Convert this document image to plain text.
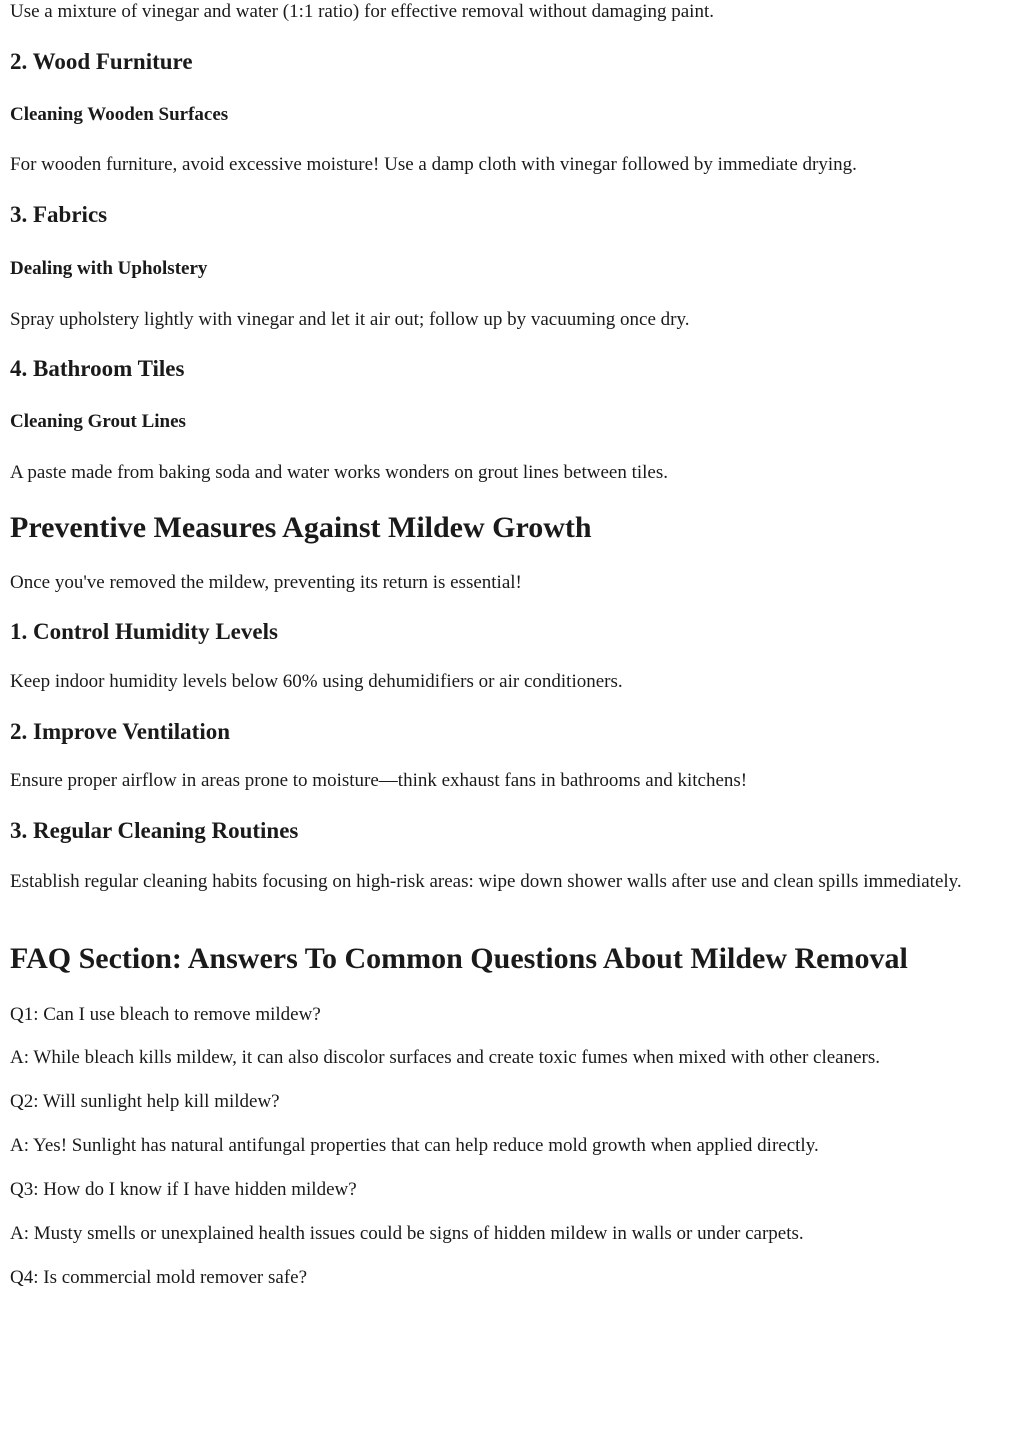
Use a mixture of vinegar and water (1:1 ratio) for effective removal without damaging paint.

2. Wood Furniture
Cleaning Wooden Surfaces

For wooden furniture, avoid excessive moisture! Use a damp cloth with vinegar followed by immediate drying.

3. Fabrics
Dealing with Upholstery

Spray upholstery lightly with vinegar and let it air out; follow up by vacuuming once dry.

4. Bathroom Tiles
Cleaning Grout Lines

A paste made from baking soda and water works wonders on grout lines between tiles.

Preventive Measures Against Mildew Growth

Once you've removed the mildew, preventing its return is essential!

1. Control Humidity Levels

Keep indoor humidity levels below 60% using dehumidifiers or air conditioners.

2. Improve Ventilation

Ensure proper airflow in areas prone to moisture—think exhaust fans in bathrooms and kitchens!

3. Regular Cleaning Routines

Establish regular cleaning habits focusing on high-risk areas: wipe down shower walls after use and clean spills immediately.

FAQ Section: Answers To Common Questions About Mildew Removal

Q1: Can I use bleach to remove mildew?

A: While bleach kills mildew, it can also discolor surfaces and create toxic fumes when mixed with other cleaners.

Q2: Will sunlight help kill mildew?

A: Yes! Sunlight has natural antifungal properties that can help reduce mold growth when applied directly.

Q3: How do I know if I have hidden mildew?

A: Musty smells or unexplained health issues could be signs of hidden mildew in walls or under carpets.

Q4: Is commercial mold remover safe?
